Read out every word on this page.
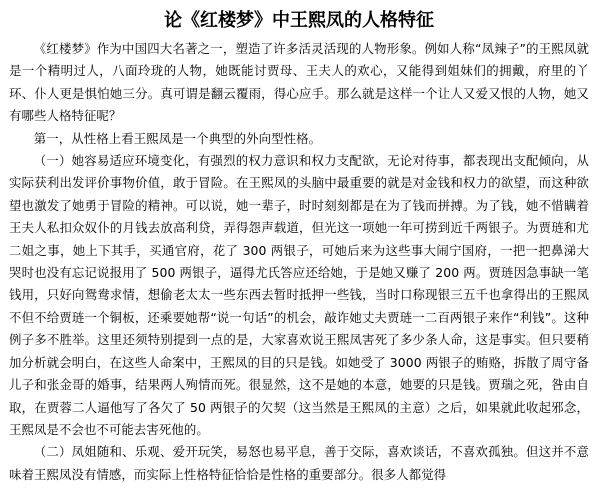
论《红楼梦》中王熙凤的人格特征

《红楼梦》作为中国四大名著之一，塑造了许多活灵活现的人物形象。例如人称“凤辣子”的王熙凤就是一个精明过人，八面玲珑的人物，她既能讨贾母、王夫人的欢心，又能得到姐妹们的拥戴，府里的丫环、仆人更是惧怕她三分。真可谓是翻云覆雨，得心应手。那么就是这样一个让人又爱又恨的人物，她又有哪些人格特征呢？

第一，从性格上看王熙凤是一个典型的外向型性格。

（一）她容易适应环境变化，有强烈的权力意识和权力支配欲，无论对待事，都表现出支配倾向，从实际获利出发评价事物价值，敢于冒险。在王熙凤的头脑中最重要的就是对金钱和权力的欲望，而这种欲望也激发了她勇于冒险的精神。可以说，她一辈子，时时刻刻都是在为了钱而拼搏。为了钱，她不惜瞒着王夫人私扣众奴仆的月钱去放高利贷，弄得怨声载道，但光这一项她一年可捞到近千两银子。为贾琏和尤二姐之事，她上下其手，买通官府，花了 300 两银子，可她后来为这些事大闹宁国府，一把一把鼻涕大哭时也没有忘记说报用了 500 两银子，逼得尤氏答应还给她，于是她又赚了 200 两。贾琏因急事缺一笔钱用，只好向鸳鸯求情，想偷老太太一些东西去暂时抵押一些钱，当时口称现银三五千也拿得出的王熙凤不但不给贾琏一个铜板，还乘要她帮“说一句话”的机会，敲诈她丈夫贾琏一二百两银子来作“利钱”。这种例子多不胜举。这里还须特别提到一点的是，大家喜欢说王熙凤害死了多少条人命，这是事实。但只要稍加分析就会明白，在这些人命案中，王熙凤的目的只是钱。如她受了 3000 两银子的贿赂，拆散了周守备儿子和张金哥的婚事，结果两人殉情而死。很显然，这不是她的本意，她要的只是钱。贾瑞之死，咎由自取，在贾蓉二人逼他写了各欠了 50 两银子的欠契（这当然是王熙凤的主意）之后，如果就此收起邪念，王熙凤是不会也不可能去害死他的。

（二）凤姐随和、乐观、爱开玩笑，易怒也易平息，善于交际，喜欢谈话，不喜欢孤独。但这并不意味着王熙凤没有情感，而实际上性格特征恰恰是性格的重要部分。很多人都觉得
